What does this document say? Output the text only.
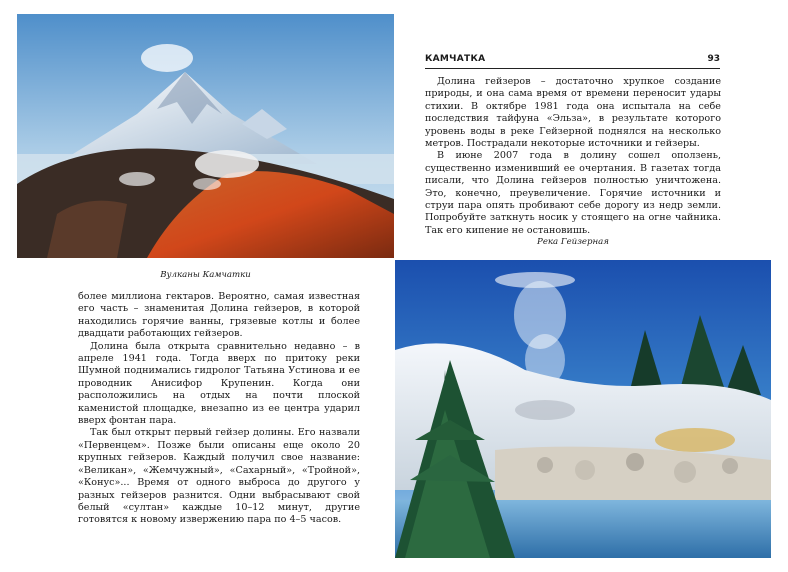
КАМЧАТКА	93

Долина гейзеров – достаточно хрупкое создание природы, и она сама время от времени переносит удары стихии. В октябре 1981 года она испытала на себе последствия тайфуна «Эльза», в результате которого уровень воды в реке Гейзерной поднялся на несколько метров. Пострадали некоторые источники и гейзеры.

В июне 2007 года в долину сошел оползень, существенно изменивший ее очертания. В газетах тогда писали, что Долина гейзеров полностью уничтожена. Это, конечно, преувеличение. Горячие источники и струи пара опять пробивают себе дорогу из недр земли. Попробуйте заткнуть носик у стоящего на огне чайника. Так его кипение не остановишь.

Река Гейзерная
Вулканы Камчатки

более миллиона гектаров. Вероятно, самая известная его часть – знаменитая Долина гейзеров, в которой находились горячие ванны, грязевые котлы и более двадцати работающих гейзеров.

Долина была открыта сравнительно недавно – в апреле 1941 года. Тогда вверх по притоку реки Шумной поднимались гидролог Татьяна Устинова и ее проводник Анисифор Крупенин. Когда они расположились на отдых на почти плоской каменистой площадке, внезапно из ее центра ударил вверх фонтан пара.

Так был открыт первый гейзер долины. Его назвали «Первенцем». Позже были описаны еще около 20 крупных гейзеров. Каждый получил свое название: «Великан», «Жемчужный», «Сахарный», «Тройной», «Конус»... Время от одного выброса до другого у разных гейзеров разнится. Одни выбрасывают свой белый «султан» каждые 10–12 минут, другие готовятся к новому извержению пара по 4–5 часов.
